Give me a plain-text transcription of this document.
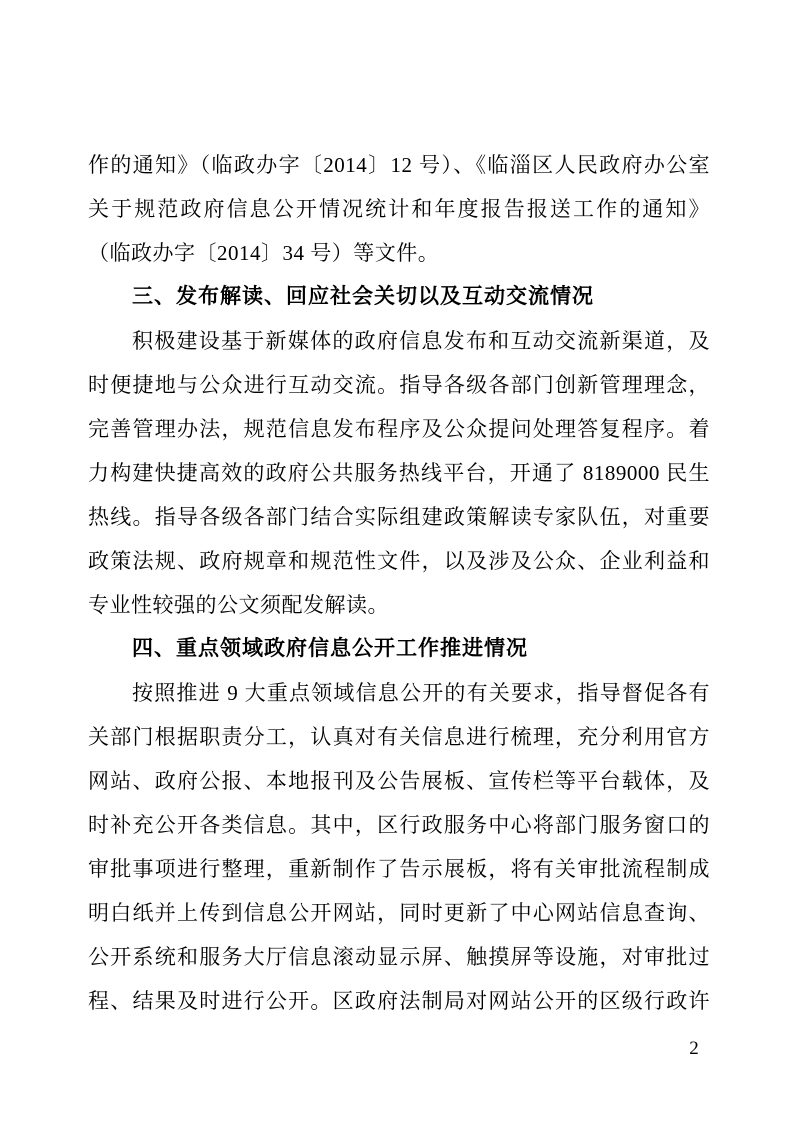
作的通知》（临政办字〔2014〕12 号）、《临淄区人民政府办公室
关于规范政府信息公开情况统计和年度报告报送工作的通知》
（临政办字〔2014〕34 号）等文件。
三、发布解读、回应社会关切以及互动交流情况
积极建设基于新媒体的政府信息发布和互动交流新渠道，及
时便捷地与公众进行互动交流。指导各级各部门创新管理理念，
完善管理办法，规范信息发布程序及公众提问处理答复程序。着
力构建快捷高效的政府公共服务热线平台，开通了 8189000 民生
热线。指导各级各部门结合实际组建政策解读专家队伍，对重要
政策法规、政府规章和规范性文件，以及涉及公众、企业利益和
专业性较强的公文须配发解读。
四、重点领域政府信息公开工作推进情况
按照推进 9 大重点领域信息公开的有关要求，指导督促各有
关部门根据职责分工，认真对有关信息进行梳理，充分利用官方
网站、政府公报、本地报刊及公告展板、宣传栏等平台载体，及
时补充公开各类信息。其中，区行政服务中心将部门服务窗口的
审批事项进行整理，重新制作了告示展板，将有关审批流程制成
明白纸并上传到信息公开网站，同时更新了中心网站信息查询、
公开系统和服务大厅信息滚动显示屏、触摸屏等设施，对审批过
程、结果及时进行公开。区政府法制局对网站公开的区级行政许
2
